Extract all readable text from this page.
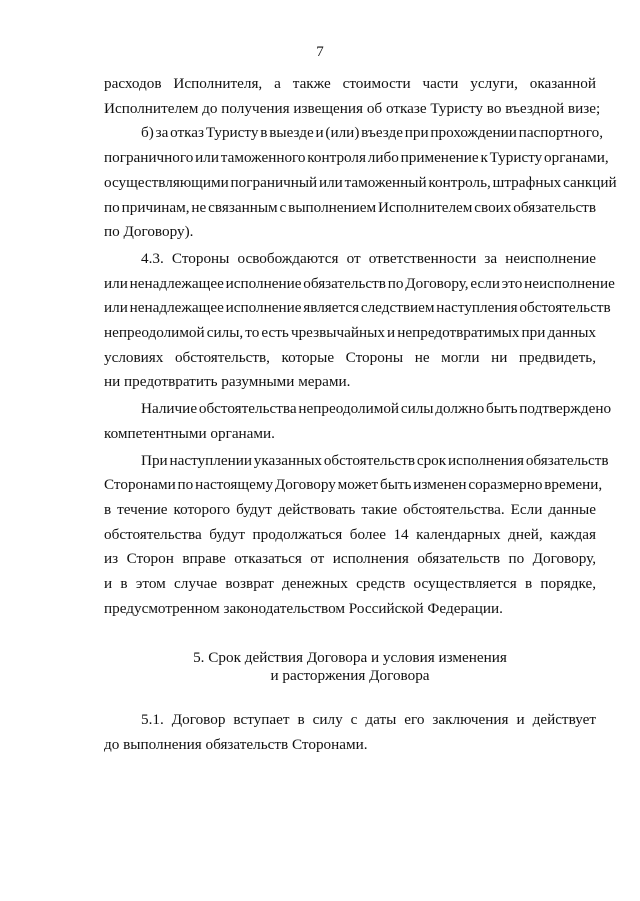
7
расходов Исполнителя, а также стоимости части услуги, оказанной
Исполнителем до получения извещения об отказе Туристу во въездной визе;
б) за отказ Туристу в выезде и (или) въезде при прохождении паспортного,
пограничного или таможенного контроля либо применение к Туристу органами,
осуществляющими пограничный или таможенный контроль, штрафных санкций
по причинам, не связанным с выполнением Исполнителем своих обязательств
по Договору).
4.3. Стороны освобождаются от ответственности за неисполнение
или ненадлежащее исполнение обязательств по Договору, если это неисполнение
или ненадлежащее исполнение является следствием наступления обстоятельств
непреодолимой силы, то есть чрезвычайных и непредотвратимых при данных
условиях обстоятельств, которые Стороны не могли ни предвидеть,
ни предотвратить разумными мерами.
Наличие обстоятельства непреодолимой силы должно быть подтверждено
компетентными органами.
При наступлении указанных обстоятельств срок исполнения обязательств
Сторонами по настоящему Договору может быть изменен соразмерно времени,
в течение которого будут действовать такие обстоятельства. Если данные
обстоятельства будут продолжаться более 14 календарных дней, каждая
из Сторон вправе отказаться от исполнения обязательств по Договору,
и в этом случае возврат денежных средств осуществляется в порядке,
предусмотренном законодательством Российской Федерации.
5. Срок действия Договора и условия изменения
и расторжения Договора
5.1. Договор вступает в силу с даты его заключения и действует
до выполнения обязательств Сторонами.
